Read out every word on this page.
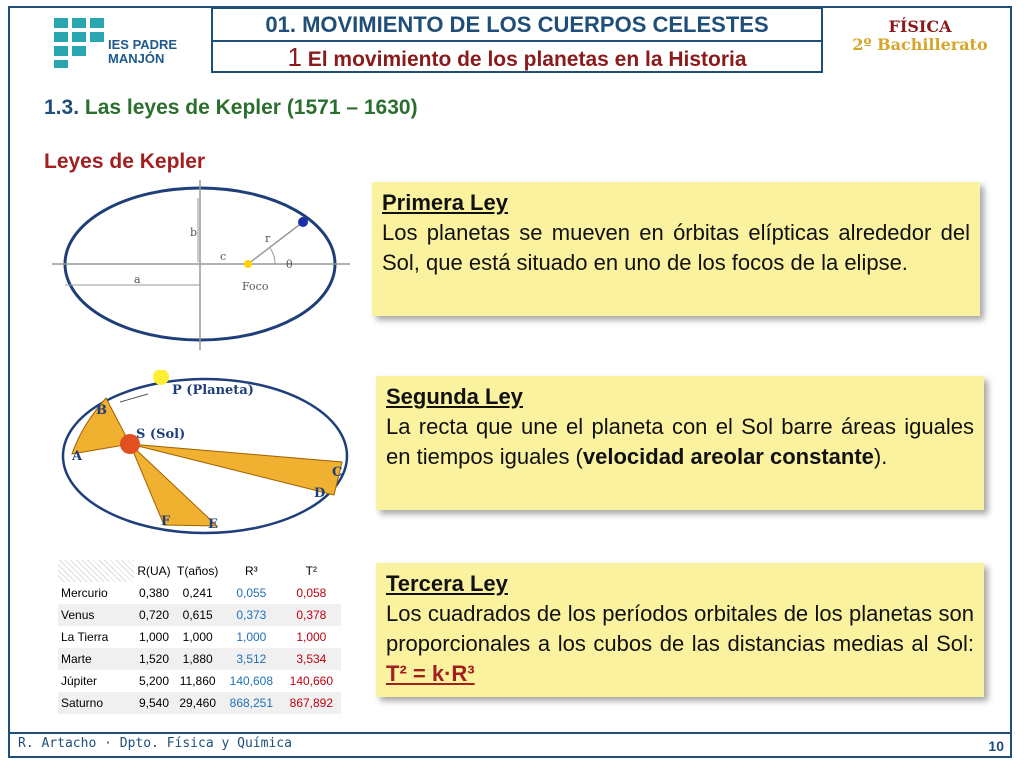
IES PADRE
MANJÓN
01. MOVIMIENTO DE LOS CUERPOS CELESTES
1 El movimiento de los planetas en la Historia
FÍSICA
2º Bachillerato
1.3. Las leyes de Kepler (1571 – 1630)
Leyes de Kepler
b
c
a
r
θ
Foco
P (Planeta)
S (Sol)
A
B
C
D
E
F
Primera Ley
Los planetas se mueven en órbitas elípticas alrededor del Sol, que está situado en uno de los focos de la elipse.
Segunda Ley
La recta que une el planeta con el Sol barre áreas iguales en tiempos iguales (velocidad areolar constante).
Tercera Ley
Los cuadrados de los períodos orbitales de los planetas son proporcionales a los cubos de las distancias medias al Sol: T² = k·R³
	R(UA)	T(años)	R³	T²
Mercurio	0,380	0,241	0,055	0,058
Venus	0,720	0,615	0,373	0,378
La Tierra	1,000	1,000	1,000	1,000
Marte	1,520	1,880	3,512	3,534
Júpiter	5,200	11,860	140,608	140,660
Saturno	9,540	29,460	868,251	867,892
R. Artacho · Dpto. Física y Química	10
